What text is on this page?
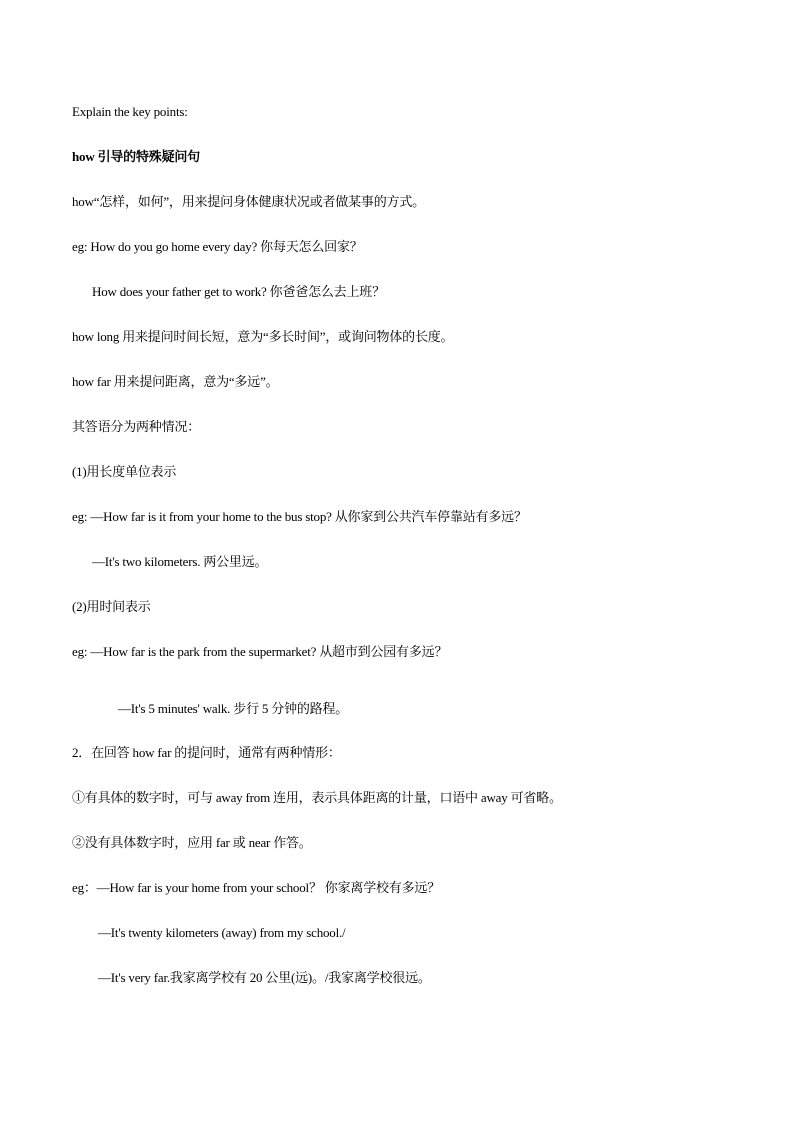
Explain the key points:
how 引导的特殊疑问句
how“怎样，如何”，用来提问身体健康状况或者做某事的方式。
eg: How do you go home every day? 你每天怎么回家？
How does your father get to work? 你爸爸怎么去上班？
how long 用来提问时间长短，意为“多长时间”，或询问物体的长度。
how far 用来提问距离，意为“多远”。
其答语分为两种情况：
(1)用长度单位表示
eg: —How far is it from your home to the bus stop? 从你家到公共汽车停靠站有多远？
—It's two kilometers. 两公里远。
(2)用时间表示
eg: —How far is the park from the supermarket? 从超市到公园有多远？
—It's 5 minutes' walk. 步行 5 分钟的路程。
2．在回答 how far 的提问时，通常有两种情形：
①有具体的数字时，可与 away from 连用，表示具体距离的计量，口语中 away 可省略。
②没有具体数字时，应用 far 或 near 作答。
eg：—How far is your home from your school？ 你家离学校有多远？
—It's twenty kilometers (away) from my school./
—It's very far.我家离学校有 20 公里(远)。/我家离学校很远。
